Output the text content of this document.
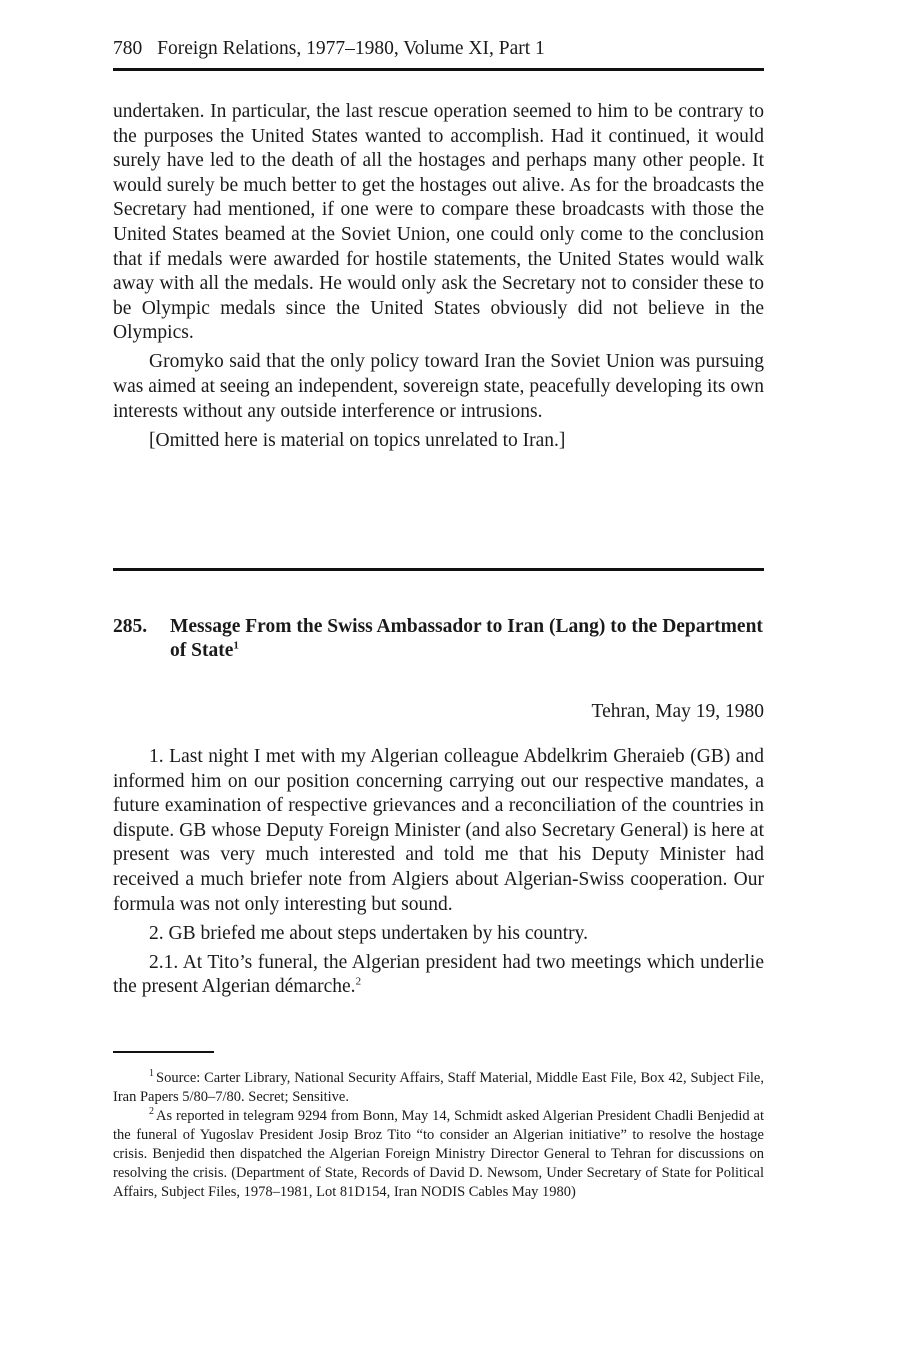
780 Foreign Relations, 1977–1980, Volume XI, Part 1

undertaken. In particular, the last rescue operation seemed to him to be contrary to the purposes the United States wanted to accomplish. Had it continued, it would surely have led to the death of all the hostages and perhaps many other people. It would surely be much better to get the hostages out alive. As for the broadcasts the Secretary had mentioned, if one were to compare these broadcasts with those the United States beamed at the Soviet Union, one could only come to the conclusion that if medals were awarded for hostile statements, the United States would walk away with all the medals. He would only ask the Secretary not to consider these to be Olympic medals since the United States obviously did not believe in the Olympics.

Gromyko said that the only policy toward Iran the Soviet Union was pursuing was aimed at seeing an independent, sovereign state, peacefully developing its own interests without any outside interference or intrusions.

[Omitted here is material on topics unrelated to Iran.]

285. Message From the Swiss Ambassador to Iran (Lang) to the Department of State$^1$
Tehran, May 19, 1980

1. Last night I met with my Algerian colleague Abdelkrim Gheraieb (GB) and informed him on our position concerning carrying out our respective mandates, a future examination of respective grievances and a reconciliation of the countries in dispute. GB whose Deputy Foreign Minister (and also Secretary General) is here at present was very much interested and told me that his Deputy Minister had received a much briefer note from Algiers about Algerian-Swiss cooperation. Our formula was not only interesting but sound.

2. GB briefed me about steps undertaken by his country.

2.1. At Tito’s funeral, the Algerian president had two meetings which underlie the present Algerian démarche.$^2$

$^1$ Source: Carter Library, National Security Affairs, Staff Material, Middle East File, Box 42, Subject File, Iran Papers 5/80–7/80. Secret; Sensitive.

$^2$ As reported in telegram 9294 from Bonn, May 14, Schmidt asked Algerian President Chadli Benjedid at the funeral of Yugoslav President Josip Broz Tito “to consider an Algerian initiative” to resolve the hostage crisis. Benjedid then dispatched the Algerian Foreign Ministry Director General to Tehran for discussions on resolving the crisis. (Department of State, Records of David D. Newsom, Under Secretary of State for Political Affairs, Subject Files, 1978–1981, Lot 81D154, Iran NODIS Cables May 1980)
